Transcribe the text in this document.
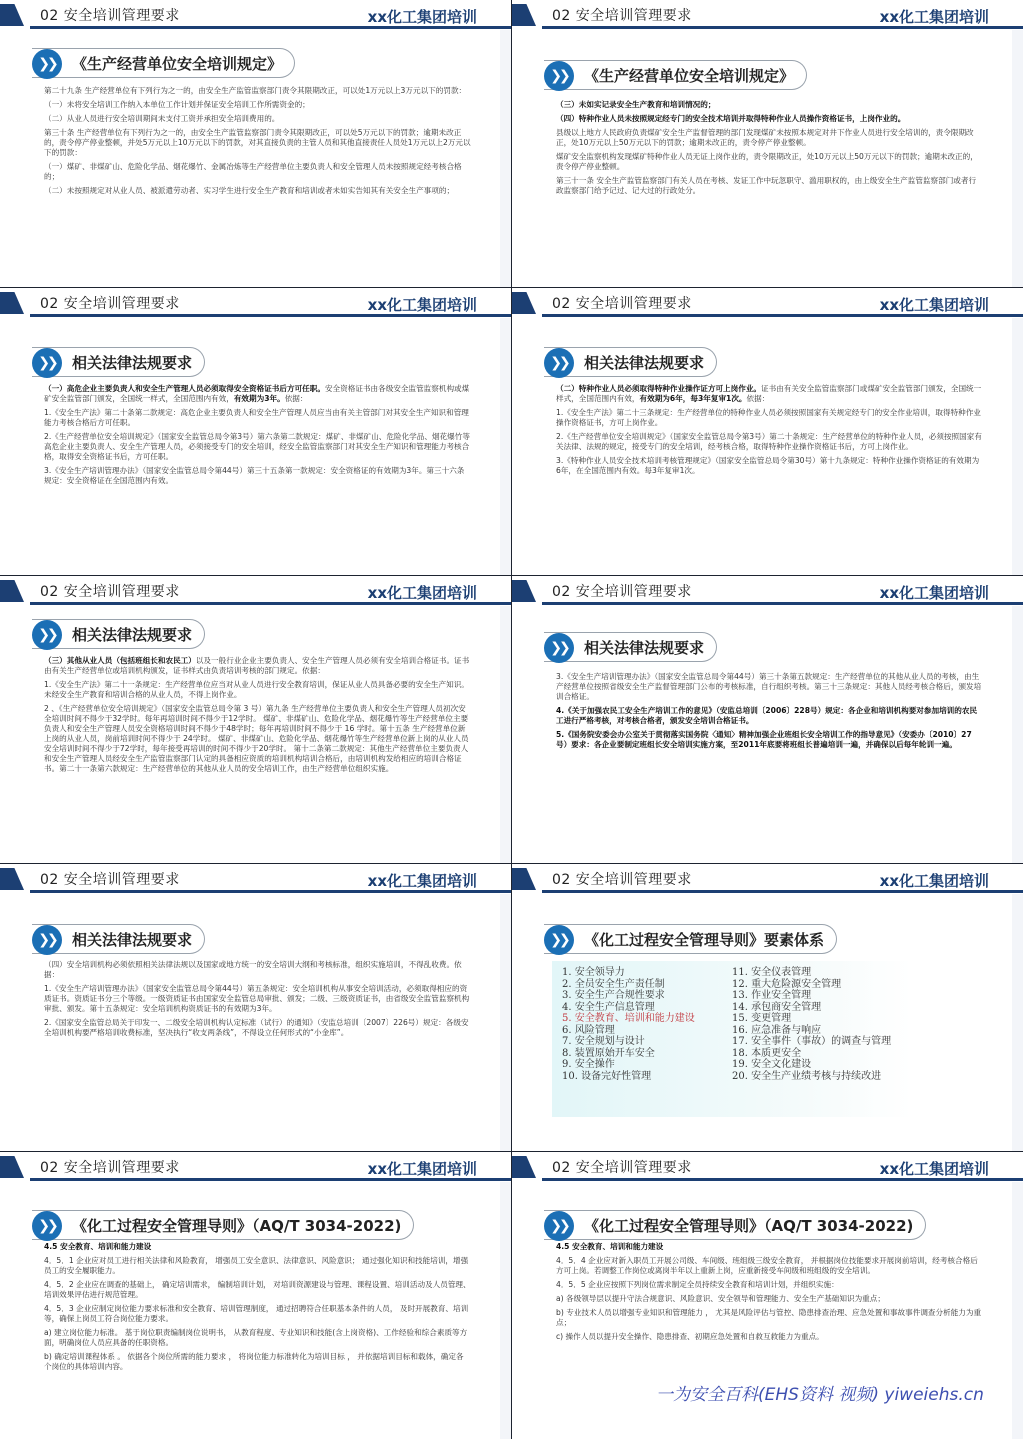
02 安全培训管理要求	xx化工集团培训
❯❯	《生产经营单位安全培训规定》

第二十九条 生产经营单位有下列行为之一的，由安全生产监管监察部门责令其限期改正，可以处1万元以上3万元以下的罚款：

（一）未将安全培训工作纳入本单位工作计划并保证安全培训工作所需资金的；

（二）从业人员进行安全培训期间未支付工资并承担安全培训费用的。

第三十条 生产经营单位有下列行为之一的，由安全生产监管监察部门责令其限期改正，可以处5万元以下的罚款；逾期未改正的，责令停产停业整顿，并处5万元以上10万元以下的罚款，对其直接负责的主管人员和其他直接责任人员处1万元以上2万元以下的罚款：

（一）煤矿、非煤矿山、危险化学品、烟花爆竹、金属冶炼等生产经营单位主要负责人和安全管理人员未按照规定经考核合格的；

（二）未按照规定对从业人员、被派遣劳动者、实习学生进行安全生产教育和培训或者未如实告知其有关安全生产事项的；

02 安全培训管理要求	xx化工集团培训
❯❯	《生产经营单位安全培训规定》

（三）未如实记录安全生产教育和培训情况的；

（四）特种作业人员未按照规定经专门的安全技术培训并取得特种作业人员操作资格证书，上岗作业的。

县级以上地方人民政府负责煤矿安全生产监督管理的部门发现煤矿未按照本规定对井下作业人员进行安全培训的，责令限期改正，处10万元以上50万元以下的罚款；逾期未改正的，责令停产停业整顿。

煤矿安全监察机构发现煤矿特种作业人员无证上岗作业的，责令限期改正，处10万元以上50万元以下的罚款；逾期未改正的，责令停产停业整顿。

第三十一条 安全生产监管监察部门有关人员在考核、发证工作中玩忽职守、滥用职权的，由上级安全生产监管监察部门或者行政监察部门给予记过、记大过的行政处分。

02 安全培训管理要求	xx化工集团培训
❯❯	相关法律法规要求

（一）高危企业主要负责人和安全生产管理人员必须取得安全资格证书后方可任职。安全资格证书由各级安全监管监察机构或煤矿安全监管部门颁发，全国统一样式，全国范围内有效，有效期为3年。依据：

1.《安全生产法》第二十条第二款规定：高危企业主要负责人和安全生产管理人员应当由有关主管部门对其安全生产知识和管理能力考核合格后方可任职。

2.《生产经营单位安全培训规定》（国家安全监管总局令第3号）第六条第二款规定：煤矿、非煤矿山、危险化学品、烟花爆竹等高危企业主要负责人、安全生产管理人员，必须接受专门的安全培训，经安全监管监察部门对其安全生产知识和管理能力考核合格，取得安全资格证书后，方可任职。

3.《安全生产培训管理办法》（国家安全监管总局令第44号）第三十五条第一款规定：安全资格证的有效期为3年。第三十六条规定：安全资格证在全国范围内有效。

02 安全培训管理要求	xx化工集团培训
❯❯	相关法律法规要求

（二）特种作业人员必须取得特种作业操作证方可上岗作业。证书由有关安全监管监察部门或煤矿安全监管部门颁发，全国统一样式，全国范围内有效，有效期为6年，每3年复审1次。依据：

1.《安全生产法》第二十三条规定：生产经营单位的特种作业人员必须按照国家有关规定经专门的安全作业培训，取得特种作业操作资格证书，方可上岗作业。

2.《生产经营单位安全培训规定》（国家安全监管总局令第3号）第二十条规定：生产经营单位的特种作业人员，必须按照国家有关法律、法规的规定，接受专门的安全培训，经考核合格，取得特种作业操作资格证书后，方可上岗作业。

3.《特种作业人员安全技术培训考核管理规定》（国家安全监管总局令第30号）第十九条规定：特种作业操作资格证的有效期为6年，在全国范围内有效。每3年复审1次。

02 安全培训管理要求	xx化工集团培训
❯❯	相关法律法规要求

（三）其他从业人员（包括班组长和农民工）以及一般行业企业主要负责人、安全生产管理人员必须有安全培训合格证书。证书由有关生产经营单位或培训机构颁发，证书样式由负责培训考核的部门规定。依据：

1.《安全生产法》第二十一条规定：生产经营单位应当对从业人员进行安全教育培训，保证从业人员具备必要的安全生产知识。未经安全生产教育和培训合格的从业人员，不得上岗作业。

2 、《生产经营单位安全培训规定》（国家安全监管总局令第 3 号）第九条 生产经营单位主要负责人和安全生产管理人员初次安全培训时间不得少于32学时。每年再培训时间不得少于12学时。 煤矿、非煤矿山、危险化学品、烟花爆竹等生产经营单位主要负责人和安全生产管理人员安全资格培训时间不得少于48学时；每年再培训时间不得少于 16 学时。第十五条 生产经营单位新上岗的从业人员，岗前培训时间不得少于 24学时。 煤矿、非煤矿山、危险化学品、烟花爆竹等生产经营单位新上岗的从业人员安全培训时间不得少于72学时，每年接受再培训的时间不得少于20学时。 第十二条第二款规定：其他生产经营单位主要负责人和安全生产管理人员经安全生产监管监察部门认定的具备相应资质的培训机构培训合格后，由培训机构发给相应的培训合格证书。第二十一条第六款规定：生产经营单位的其他从业人员的安全培训工作，由生产经营单位组织实施。

02 安全培训管理要求	xx化工集团培训
❯❯	相关法律法规要求

3.《安全生产培训管理办法》（国家安全监管总局令第44号）第三十条第五款规定：生产经营单位的其他从业人员的考核，由生产经营单位按照省级安全生产监督管理部门公布的考核标准，自行组织考核。第三十三条规定：其他人员经考核合格后，颁发培训合格证。

4.《关于加强农民工安全生产培训工作的意见》（安监总培训〔2006〕228号）规定：各企业和培训机构要对参加培训的农民工进行严格考核，对考核合格者，颁发安全培训合格证书。

5.《国务院安委会办公室关于贯彻落实国务院〈通知〉精神加强企业班组长安全培训工作的指导意见》（安委办〔2010〕27号）要求：各企业要制定班组长安全培训实施方案，至2011年底要将班组长普遍培训一遍，并确保以后每年轮训一遍。

02 安全培训管理要求	xx化工集团培训
❯❯	相关法律法规要求

（四）安全培训机构必须依照相关法律法规以及国家或地方统一的安全培训大纲和考核标准，组织实施培训，不得乱收费。依据：

1.《安全生产培训管理办法》（国家安全监管总局令第44号）第五条规定：安全培训机构从事安全培训活动，必须取得相应的资质证书。资质证书分三个等级。一级资质证书由国家安全监管总局审批、颁发；二级、三级资质证书，由省级安全监管监察机构审批、颁发。第十五条规定：安全培训机构资质证书的有效期为3年。

2.《国家安全监管总局关于印发一、二级安全培训机构认定标准（试行）的通知》（安监总培训〔2007〕226号）规定：各级安全培训机构要严格培训收费标准，坚决执行“收支两条线”，不得设立任何形式的“小金库”。

02 安全培训管理要求	xx化工集团培训
❯❯	《化工过程安全管理导则》要素体系
1. 安全领导力
2. 全员安全生产责任制
3. 安全生产合规性要求
4. 安全生产信息管理
5. 安全教育、培训和能力建设
6. 风险管理
7. 安全规划与设计
8. 装置原始开车安全
9. 安全操作
10. 设备完好性管理
11. 安全仪表管理
12. 重大危险源安全管理
13. 作业安全管理
14. 承包商安全管理
15. 变更管理
16. 应急准备与响应
17. 安全事件（事故）的调查与管理
18. 本质更安全
19. 安全文化建设
20. 安全生产业绩考核与持续改进
02 安全培训管理要求	xx化工集团培训
❯❯	《化工过程安全管理导则》（AQ/T 3034-2022)

4.5 安全教育、培训和能力建设

4．5．1 企业应对员工进行相关法律和风险教育， 增强员工安全意识、法律意识、风险意识； 通过强化知识和技能培训，增强员工的安全履职能力。

4．5．2 企业应在调查的基础上， 确定培训需求， 编制培训计划， 对培训资源建设与管理、课程设置、培训活动及人员管理、培训效果评估进行规范管理。

4．5．3 企业应制定岗位能力要求标准和安全教育、培训管理制度， 通过招聘符合任职基本条件的人员， 及时开展教育、培训等，确保上岗员工符合岗位能力要求。

a) 建立岗位能力标准。 基于岗位职责编制岗位说明书， 从教育程度、专业知识和技能(含上岗资格)、工作经验和综合素质等方面，明确岗位人员应具备的任职资格。

b) 确定培训课程体系 。 依据各个岗位所需的能力要求 ， 将岗位能力标准转化为培训目标 ， 并依据培训目标和载体，确定各个岗位的具体培训内容。

02 安全培训管理要求	xx化工集团培训
❯❯	《化工过程安全管理导则》（AQ/T 3034-2022)

4.5 安全教育、培训和能力建设

4．5．4 企业应对新入职员工开展公司级、车间级、班组级三级安全教育， 并根据岗位技能要求开展岗前培训，经考核合格后方可上岗。若调整工作岗位或离岗半年以上重新上岗，应重新接受车间级和班组级的安全培训。

4．5．5 企业应按照下列岗位需求制定全员持续安全教育和培训计划，并组织实施：

a) 各级领导层以提升守法合规意识、风险意识、安全领导和管理能力、安全生产基础知识为重点；

b) 专业技术人员以增强专业知识和管理能力 ， 尤其是风险评估与管控、隐患排查治理、应急处置和事故事件调查分析能力为重点；

c) 操作人员以提升安全操作、隐患排查、初期应急处置和自救互救能力为重点。

一为安全百科(EHS资料 视频) yiweiehs.cn
